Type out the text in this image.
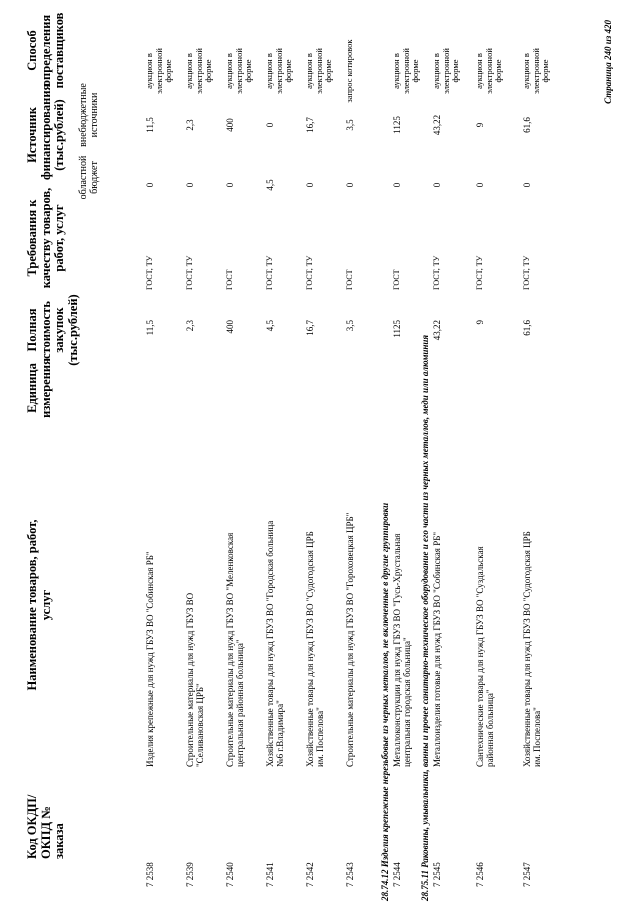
Код ОКДП/ ОКПД № заказа
Наименование товаров, работ, услуг
Единица измерения
Полная стоимость закупок (тыс.рублей)
Требования к качеству товаров, работ, услуг
Источник финансирования (тыс.рублей)
областной бюджет
внебюджетные источники
Способ определения поставщиков
7 2538
Изделия крепежные для нужд ГБУЗ ВО "Собинская РБ"
11,5
ГОСТ, ТУ
0
11,5
аукцион в электронной форме
7 2539
Строительные материалы для нужд ГБУЗ ВО "Селивановская ЦРБ"
2,3
ГОСТ, ТУ
0
2,3
аукцион в электронной форме
7 2540
Строительные материалы для нужд ГБУЗ ВО "Меленковская центральная районная больница"
400
ГОСТ
0
400
аукцион в электронной форме
7 2541
Хозяйственные товары для нужд ГБУЗ ВО "Городская больница №6 г.Владимира"
4,5
ГОСТ, ТУ
4,5
0
аукцион в электронной форме
7 2542
Хозяйственные товары для нужд ГБУЗ ВО "Судогодская ЦРБ им. Поспелова"
16,7
ГОСТ, ТУ
0
16,7
аукцион в электронной форме
7 2543
Строительные материалы для нужд ГБУЗ ВО "Гороховецкая ЦРБ"
3,5
ГОСТ
0
3,5
запрос котировок
28.74.12 Изделия крепежные нерезьбовые из черных металлов, не включенные в другие группировки
7 2544
Металлоконструкции для нужд ГБУЗ ВО "Гусь-Хрустальная центральная городская больница"
1125
ГОСТ
0
1125
аукцион в электронной форме
28.75.11 Раковины, умывальники, ванны и прочее санитарно-техническое оборудование и его части из черных металлов, меди или алюминия
7 2545
Металлоизделия готовые для нужд ГБУЗ ВО "Собинская РБ"
43,22
ГОСТ, ТУ
0
43,22
аукцион в электронной форме
7 2546
Сантехнические товары для нужд ГБУЗ ВО "Суздальская районная больница"
9
ГОСТ, ТУ
0
9
аукцион в электронной форме
7 2547
Хозяйственные товары для нужд ГБУЗ ВО "Судогодская ЦРБ им. Поспелова"
61,6
ГОСТ, ТУ
0
61,6
аукцион в электронной форме	Страница 240 из 420
